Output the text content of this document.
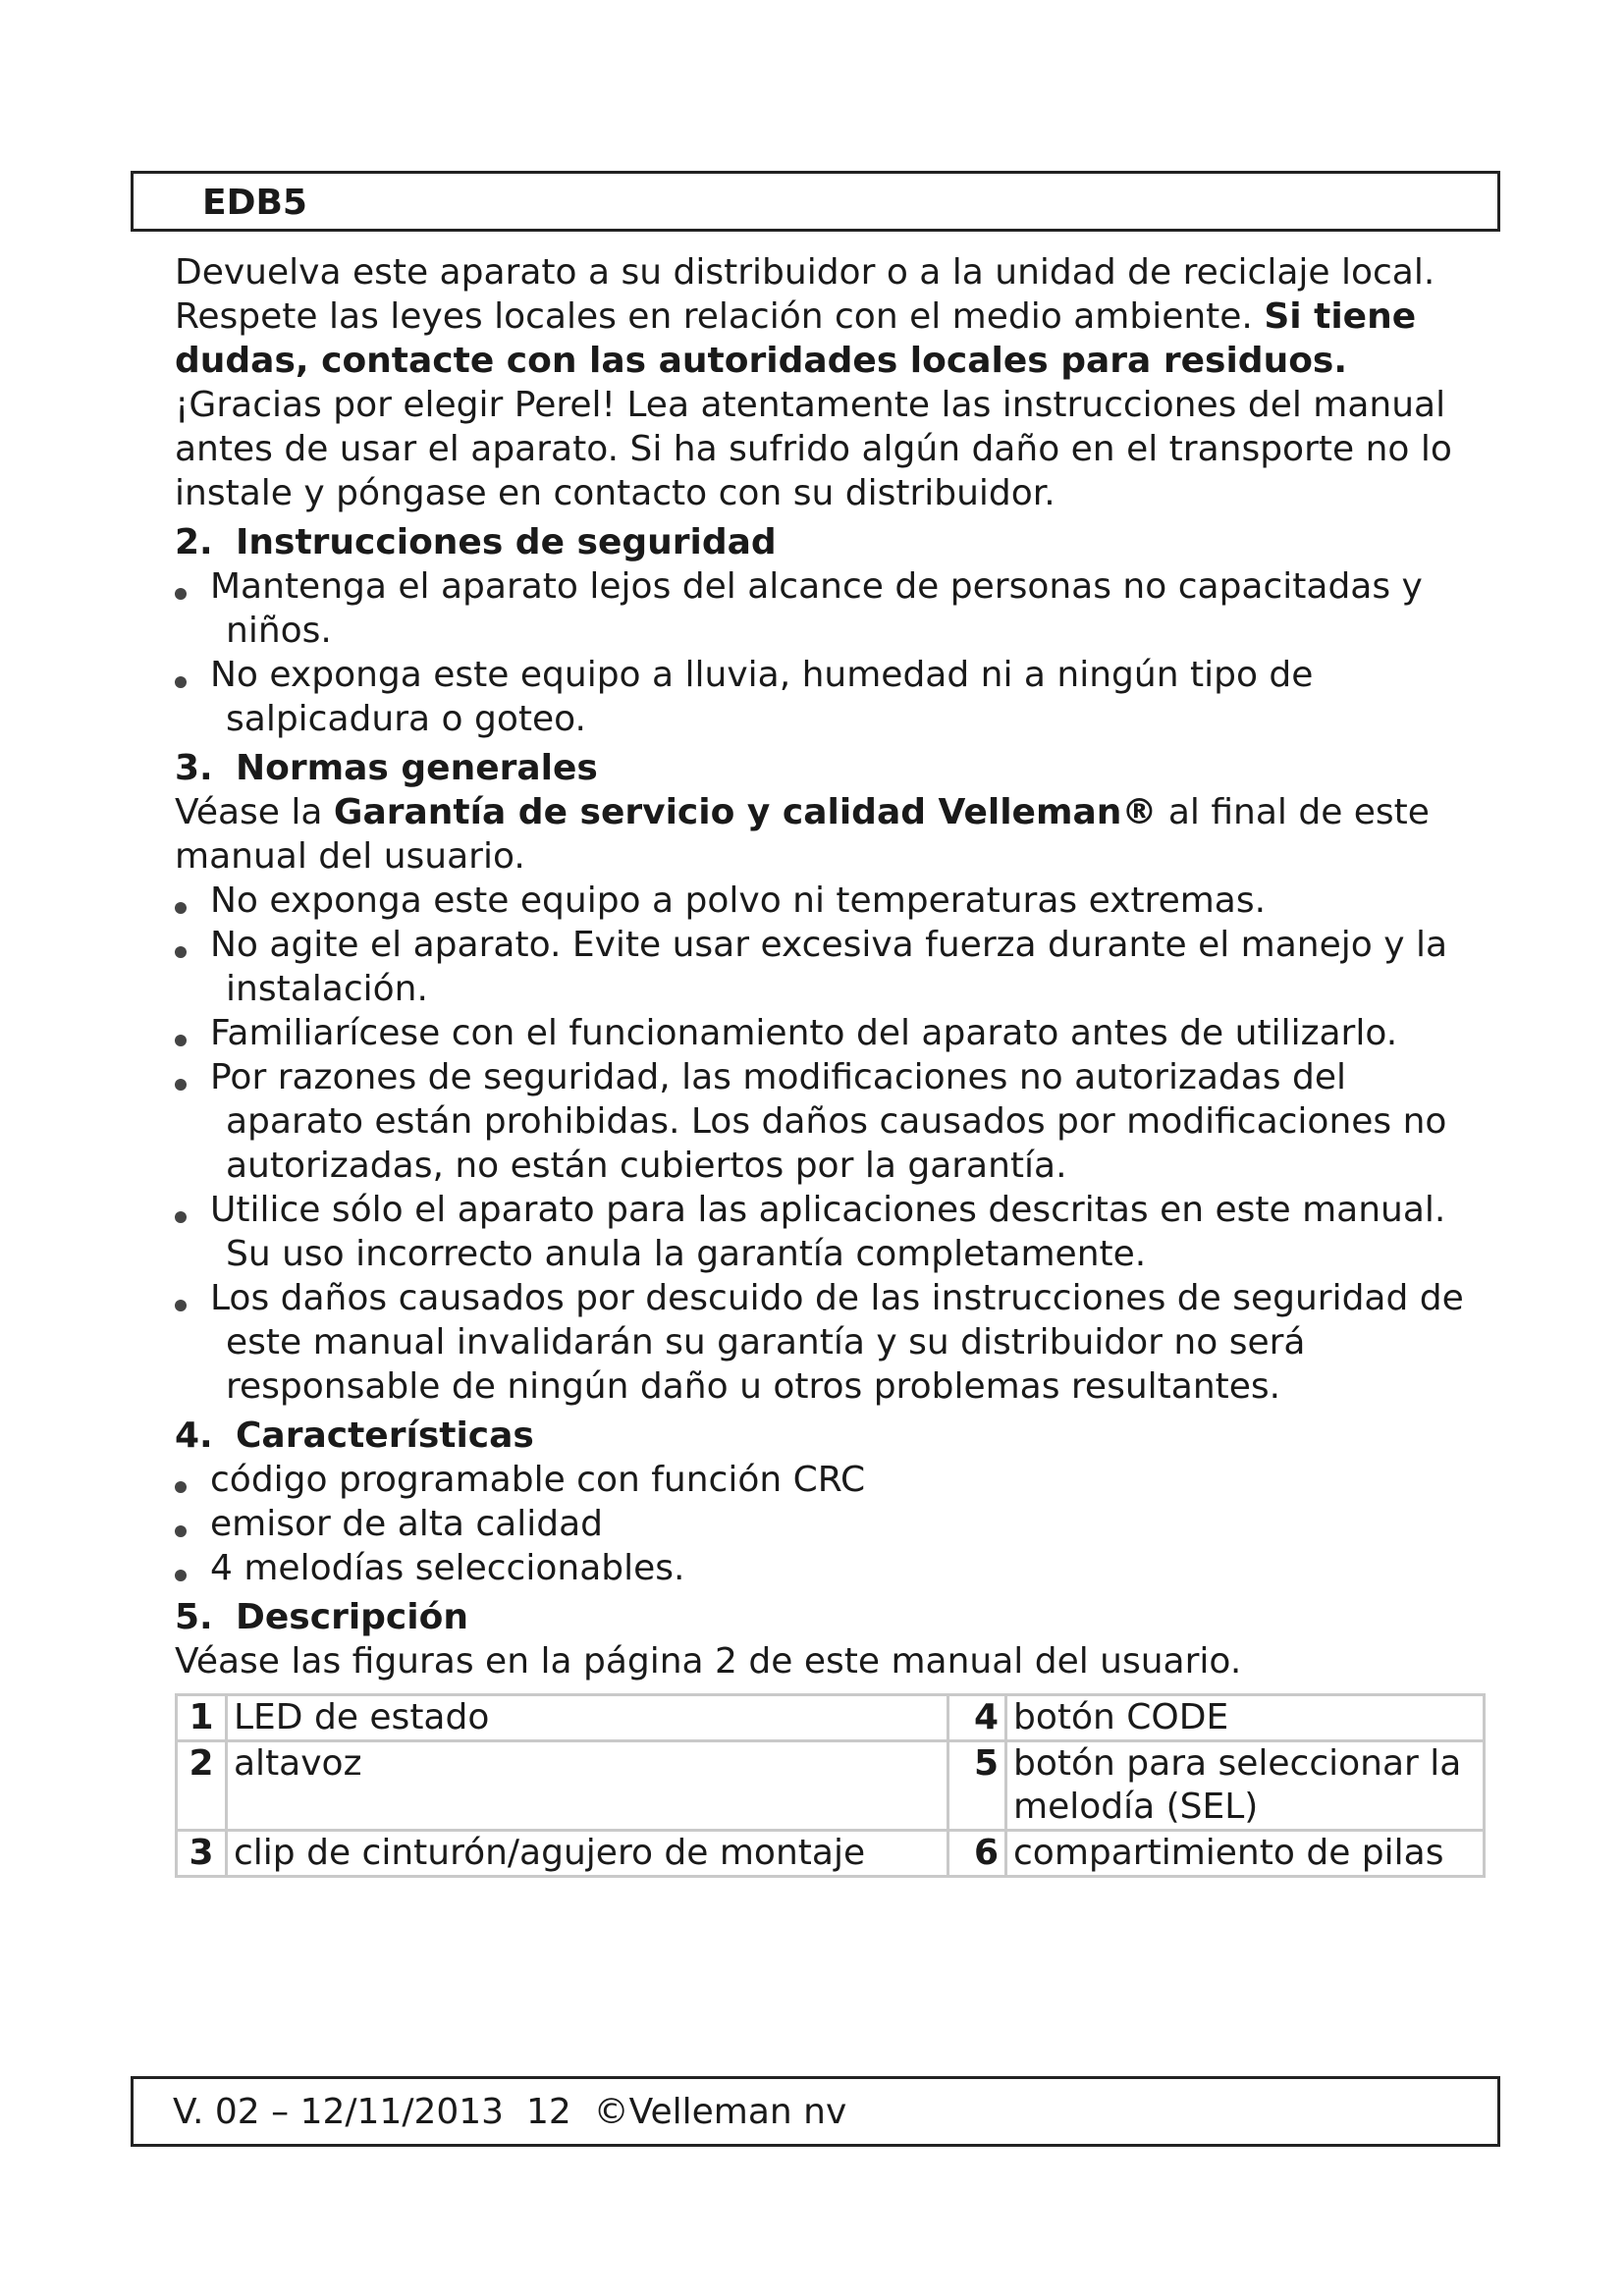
EDB5

Devuelva este aparato a su distribuidor o a la unidad de reciclaje local. Respete las leyes locales en relación con el medio ambiente. Si tiene dudas, contacte con las autoridades locales para residuos. ¡Gracias por elegir Perel! Lea atentamente las instrucciones del manual antes de usar el aparato. Si ha sufrido algún daño en el transporte no lo instale y póngase en contacto con su distribuidor.

2. Instrucciones de seguridad
Mantenga el aparato lejos del alcance de personas no capacitadas y niños.
No exponga este equipo a lluvia, humedad ni a ningún tipo de salpicadura o goteo.
3. Normas generales

Véase la Garantía de servicio y calidad Velleman® al final de este manual del usuario.

No exponga este equipo a polvo ni temperaturas extremas.
No agite el aparato. Evite usar excesiva fuerza durante el manejo y la instalación.
Familiarícese con el funcionamiento del aparato antes de utilizarlo.
Por razones de seguridad, las modificaciones no autorizadas del aparato están prohibidas. Los daños causados por modificaciones no autorizadas, no están cubiertos por la garantía.
Utilice sólo el aparato para las aplicaciones descritas en este manual. Su uso incorrecto anula la garantía completamente.
Los daños causados por descuido de las instrucciones de seguridad de este manual invalidarán su garantía y su distribuidor no será responsable de ningún daño u otros problemas resultantes.
4. Características
código programable con función CRC
emisor de alta calidad
4 melodías seleccionables.
5. Descripción

Véase las figuras en la página 2 de este manual del usuario.

1	LED de estado	4	botón CODE
2	altavoz	5	botón para seleccionar la melodía (SEL)
3	clip de cinturón/agujero de montaje	6	compartimiento de pilas
V. 02 – 12/11/2013  12  ©Velleman nv
